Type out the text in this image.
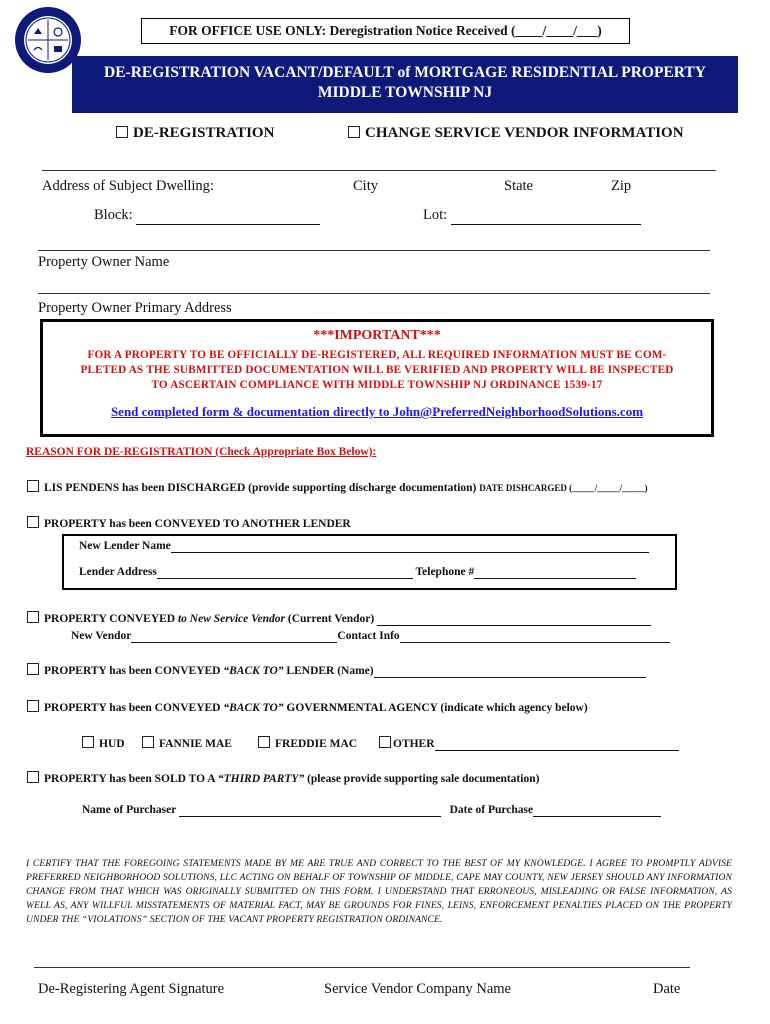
FOR OFFICE USE ONLY: Deregistration Notice Received (____/____/___)
DE-REGISTRATION VACANT/DEFAULT of MORTGAGE RESIDENTIAL PROPERTY
MIDDLE TOWNSHIP NJ
DE-REGISTRATION	CHANGE SERVICE VENDOR INFORMATION
Address of Subject Dwelling:	City	State	Zip
Block:	Lot:
Property Owner Name
Property Owner Primary Address
***IMPORTANT***
FOR A PROPERTY TO BE OFFICIALLY DE-REGISTERED, ALL REQUIRED INFORMATION MUST BE COM-
PLETED AS THE SUBMITTED DOCUMENTATION WILL BE VERIFIED AND PROPERTY WILL BE INSPECTED
TO ASCERTAIN COMPLIANCE WITH MIDDLE TOWNSHIP NJ ORDINANCE 1539-17
Send completed form & documentation directly to John@PreferredNeighborhoodSolutions.com
REASON FOR DE-REGISTRATION (Check Appropriate Box Below):
LIS PENDENS has been DISCHARGED (provide supporting discharge documentation) DATE DISHCARGED (_____/_____/_____)
PROPERTY has been CONVEYED TO ANOTHER LENDER
New Lender Name
Lender Address	Telephone #
PROPERTY CONVEYED to New Service Vendor (Current Vendor)
New Vendor	Contact Info
PROPERTY has been CONVEYED “BACK TO” LENDER (Name)
PROPERTY has been CONVEYED “BACK TO” GOVERNMENTAL AGENCY (indicate which agency below)
HUD	FANNIE MAE	FREDDIE MAC	OTHER
PROPERTY has been SOLD TO A “THIRD PARTY” (please provide supporting sale documentation)
Name of Purchaser	Date of Purchase
I CERTIFY THAT THE FOREGOING STATEMENTS MADE BY ME ARE TRUE AND CORRECT TO THE BEST OF MY KNOWLEDGE. I AGREE TO PROMPTLY ADVISE PREFERRED NEIGHBORHOOD SOLUTIONS, LLC ACTING ON BEHALF OF TOWNSHIP OF MIDDLE, CAPE MAY COUNTY, NEW JERSEY SHOULD ANY INFORMATION CHANGE FROM THAT WHICH WAS ORIGINALLY SUBMITTED ON THIS FORM. I UNDERSTAND THAT ERRONEOUS, MISLEADING OR FALSE INFORMATION, AS WELL AS, ANY WILLFUL MISSTATEMENTS OF MATERIAL FACT, MAY BE GROUNDS FOR FINES, LEINS, ENFORCEMENT PENALTIES PLACED ON THE PROPERTY UNDER THE “VIOLATIONS” SECTION OF THE VACANT PROPERTY REGISTRATION ORDINANCE.
De-Registering Agent Signature	Service Vendor Company Name	Date
